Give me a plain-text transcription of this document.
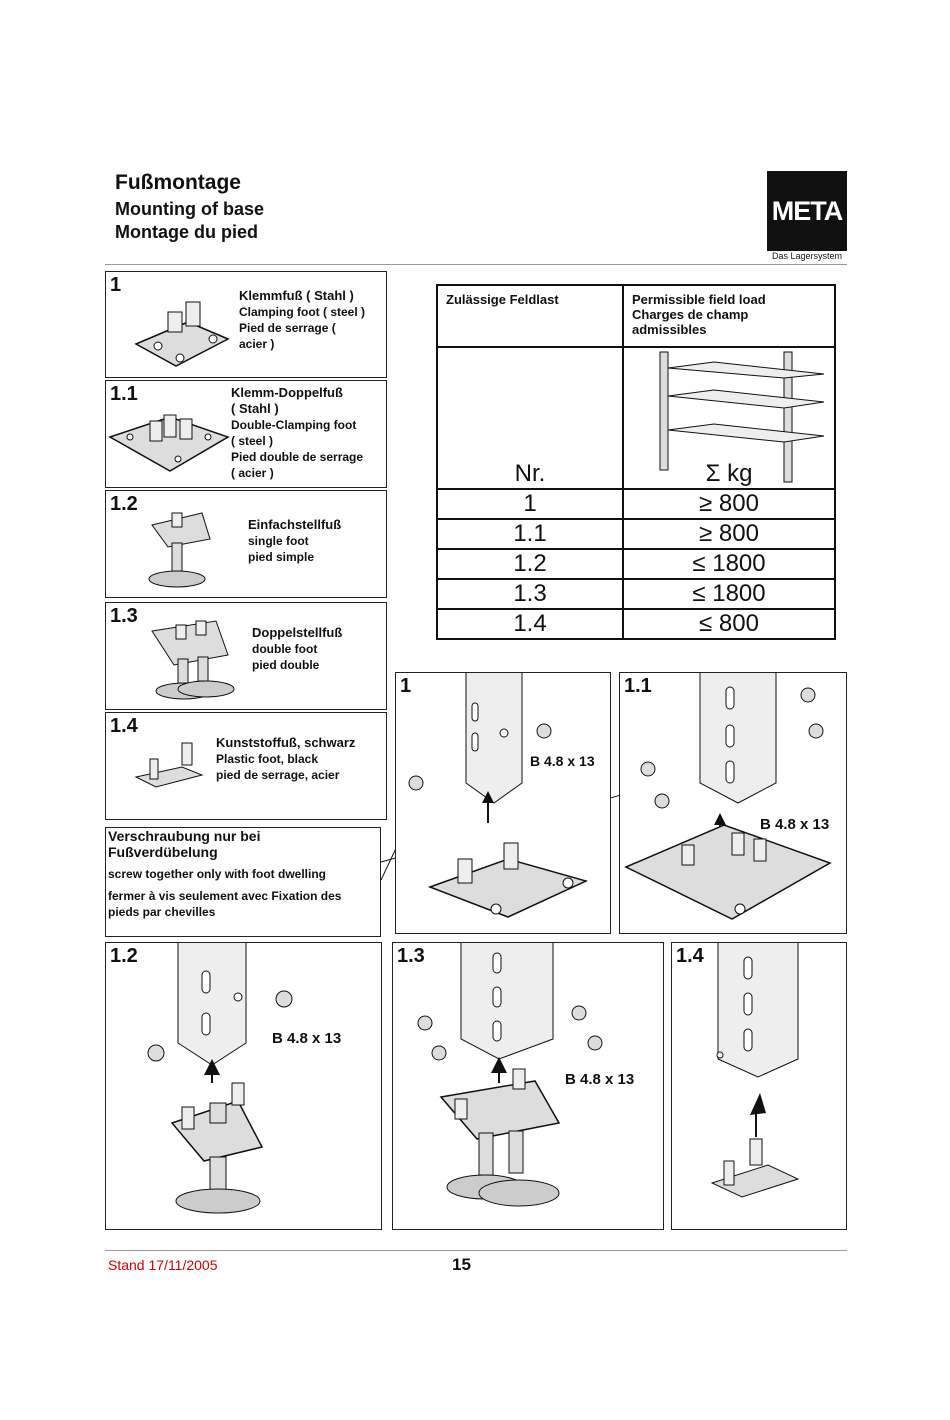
Fußmontage
Mounting of base
Montage du pied
META
Das Lagersystem
1	Klemmfuß ( Stahl )
Clamping foot ( steel )
Pied de serrage (
acier )
1.1	Klemm-Doppelfuß
( Stahl )
Double-Clamping foot
( steel )
Pied double de serrage
( acier )
1.2
Einfachstellfuß
single foot
pied simple
1.3
Doppelstellfuß
double foot
pied double
1.4
Kunststoffuß, schwarz
Plastic foot, black
pied de serrage, acier
Verschraubung nur bei
Fußverdübelung
screw together only with foot dwelling
fermer à vis seulement avec Fixation des
pieds par chevilles
Zulässige Feldlast	Permissible field load
Charges de champ admissibles

Nr.	Σ kg
1	≥ 800
1.1	≥ 800
1.2	≤ 1800
1.3	≤ 1800
1.4	≤ 800
1
B 4.8 x 13
1.1
B 4.8 x 13
1.2
B 4.8 x 13
1.3
B 4.8 x 13
1.4
Stand 17/11/2005	15
